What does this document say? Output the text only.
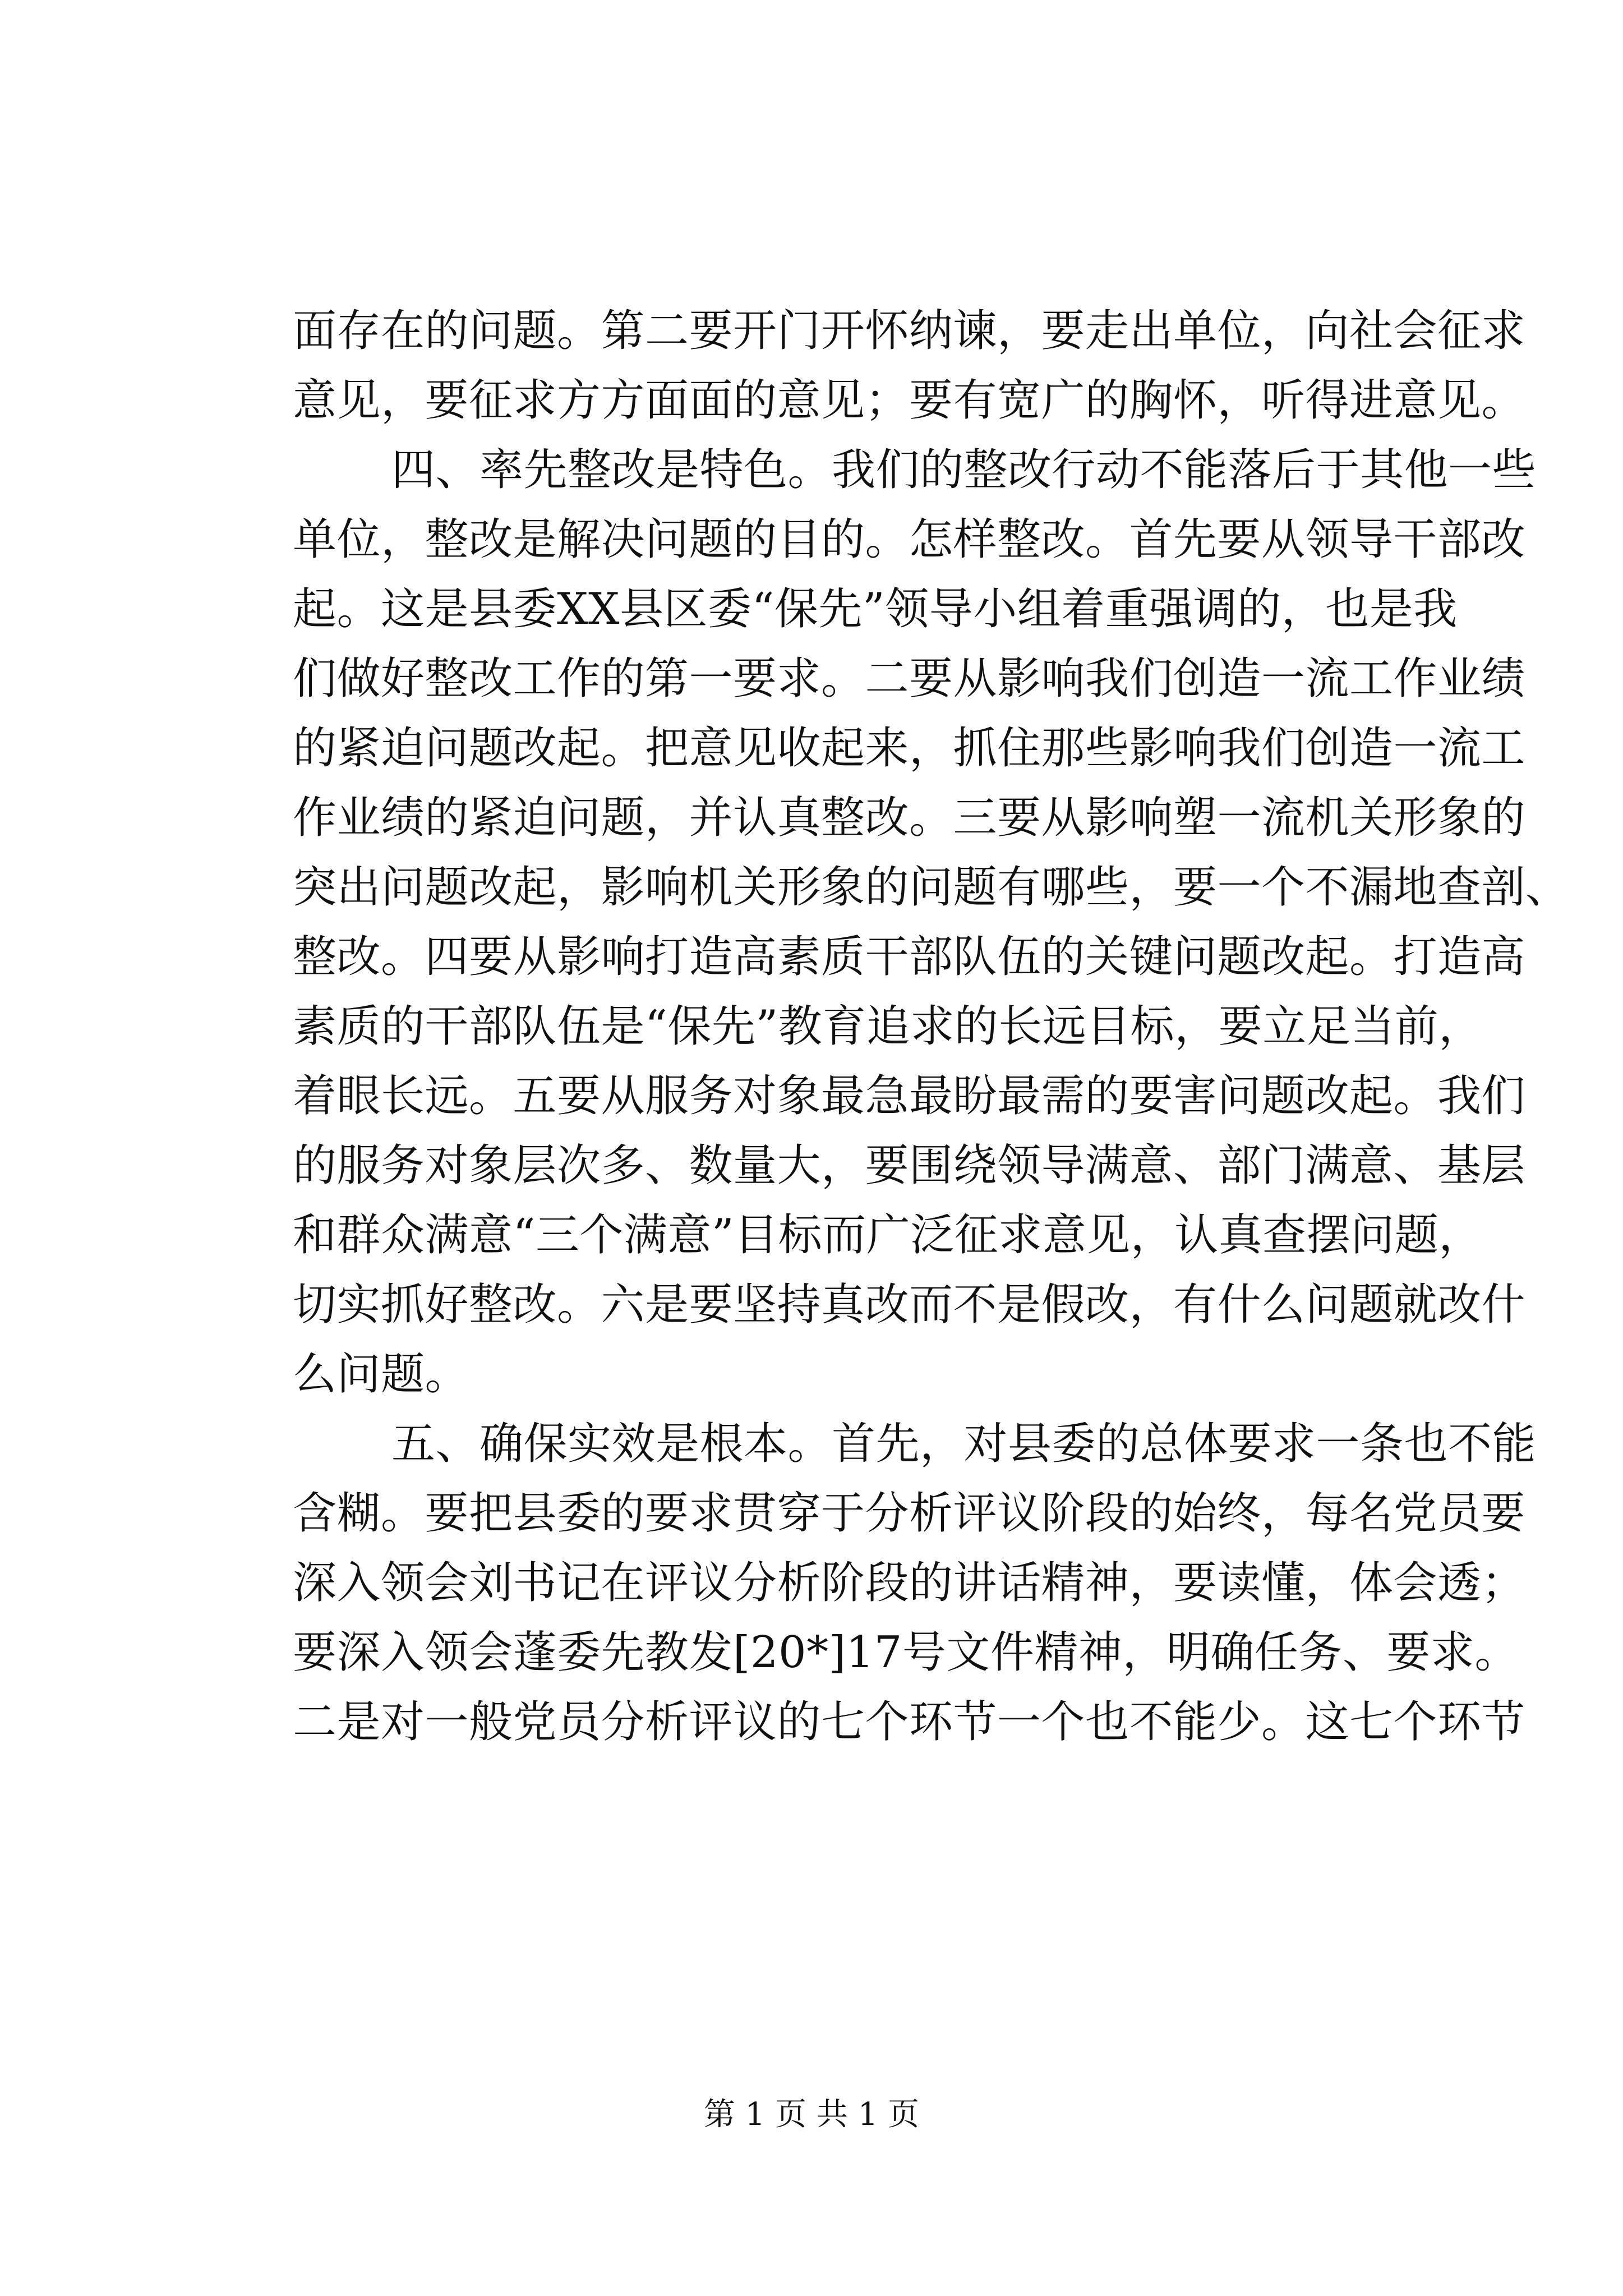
面存在的问题。第二要开门开怀纳谏，要走出单位，向社会征求
意见，要征求方方面面的意见；要有宽广的胸怀，听得进意见。
四、率先整改是特色。我们的整改行动不能落后于其他一些
单位，整改是解决问题的目的。怎样整改。首先要从领导干部改
起。这是县委XX县区委“保先”领导小组着重强调的，也是我
们做好整改工作的第一要求。二要从影响我们创造一流工作业绩
的紧迫问题改起。把意见收起来，抓住那些影响我们创造一流工
作业绩的紧迫问题，并认真整改。三要从影响塑一流机关形象的
突出问题改起，影响机关形象的问题有哪些，要一个不漏地查剖、
整改。四要从影响打造高素质干部队伍的关键问题改起。打造高
素质的干部队伍是“保先”教育追求的长远目标，要立足当前，
着眼长远。五要从服务对象最急最盼最需的要害问题改起。我们
的服务对象层次多、数量大，要围绕领导满意、部门满意、基层
和群众满意“三个满意”目标而广泛征求意见，认真查摆问题，
切实抓好整改。六是要坚持真改而不是假改，有什么问题就改什
么问题。
五、确保实效是根本。首先，对县委的总体要求一条也不能
含糊。要把县委的要求贯穿于分析评议阶段的始终，每名党员要
深入领会刘书记在评议分析阶段的讲话精神，要读懂，体会透；
要深入领会蓬委先教发[20*]17号文件精神，明确任务、要求。
二是对一般党员分析评议的七个环节一个也不能少。这七个环节
第 1 页 共 1 页
